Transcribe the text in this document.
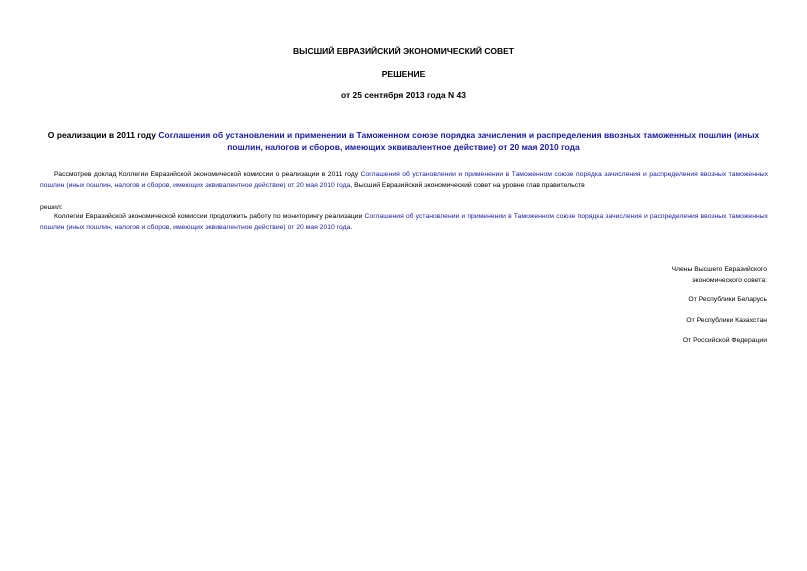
ВЫСШИЙ ЕВРАЗИЙСКИЙ ЭКОНОМИЧЕСКИЙ СОВЕТ
РЕШЕНИЕ
от 25 сентября 2013 года N 43
О реализации в 2011 году Соглашения об установлении и применении в Таможенном союзе порядка зачисления и распределения ввозных таможенных пошлин (иных пошлин, налогов и сборов, имеющих эквивалентное действие) от 20 мая 2010 года
Рассмотрев доклад Коллегии Евразийской экономической комиссии о реализации в 2011 году Соглашения об установлении и применении в Таможенном союзе порядка зачисления и распределения ввозных таможенных пошлин (иных пошлин, налогов и сборов, имеющих эквивалентное действие) от 20 мая 2010 года, Высший Евразийский экономический совет на уровне глав правительств
решил:
Коллегии Евразийской экономической комиссии продолжить работу по мониторингу реализации Соглашения об установлении и применении в Таможенном союзе порядка зачисления и распределения ввозных таможенных пошлин (иных пошлин, налогов и сборов, имеющих эквивалентное действие) от 20 мая 2010 года.
Члены Высшего Евразийского
экономического совета:
От Республики Беларусь
От Республики Казахстан
От Российской Федерации
